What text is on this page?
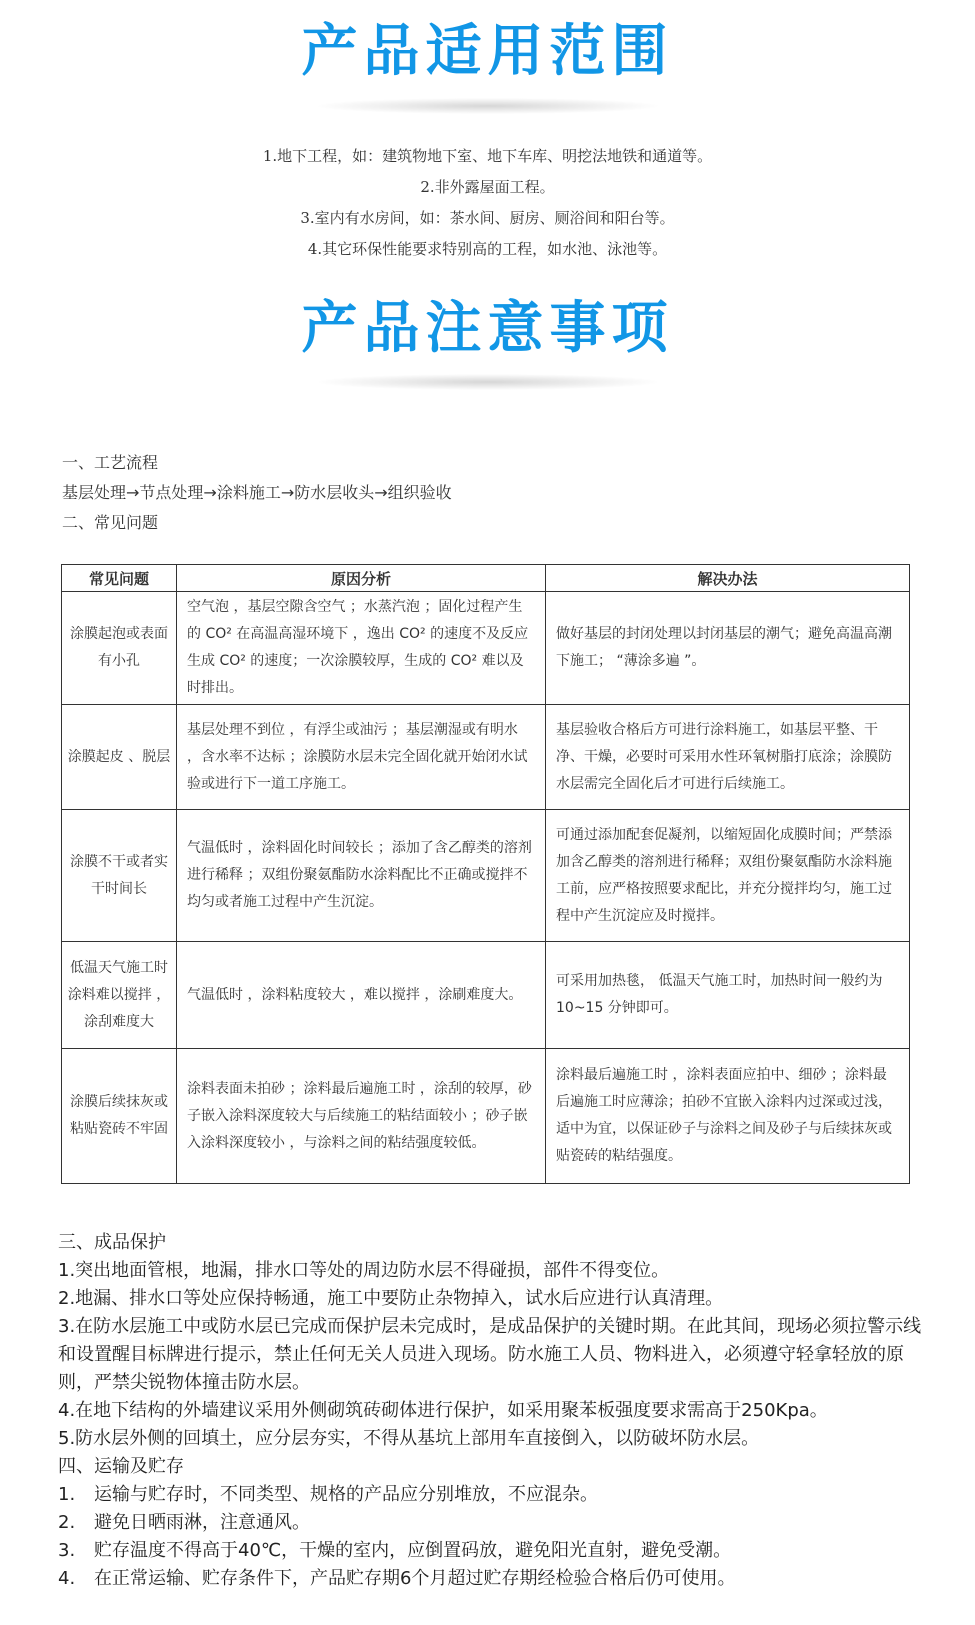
产品适用范围
1.地下工程，如：建筑物地下室、地下车库、明挖法地铁和通道等。
2.非外露屋面工程。
3.室内有水房间，如：茶水间、厨房、厕浴间和阳台等。
4.其它环保性能要求特别高的工程，如水池、泳池等。
产品注意事项
一、工艺流程
基层处理→节点处理→涂料施工→防水层收头→组织验收
二、常见问题
常见问题	原因分析	解决办法
涂膜起泡或表面有小孔	空气泡 ，基层空隙含空气 ；水蒸汽泡 ；固化过程产生的 CO² 在高温高湿环境下 ，逸出 CO² 的速度不及反应生成 CO² 的速度；一次涂膜较厚，生成的 CO² 难以及时排出。	做好基层的封闭处理以封闭基层的潮气；避免高温高潮下施工； “薄涂多遍 ”。
涂膜起皮 、脱层	基层处理不到位 ，有浮尘或油污 ；基层潮湿或有明水 ，含水率不达标 ；涂膜防水层未完全固化就开始闭水试验或进行下一道工序施工。	基层验收合格后方可进行涂料施工，如基层平整、干净、干燥，必要时可采用水性环氧树脂打底涂；涂膜防水层需完全固化后才可进行后续施工。
涂膜不干或者实干时间长	气温低时 ，涂料固化时间较长 ；添加了含乙醇类的溶剂进行稀释 ；双组份聚氨酯防水涂料配比不正确或搅拌不均匀或者施工过程中产生沉淀。	可通过添加配套促凝剂，以缩短固化成膜时间；严禁添加含乙醇类的溶剂进行稀释；双组份聚氨酯防水涂料施工前，应严格按照要求配比，并充分搅拌均匀，施工过程中产生沉淀应及时搅拌。
低温天气施工时涂料难以搅拌 ，涂刮难度大	气温低时 ，涂料粘度较大 ，难以搅拌 ，涂刷难度大。	可采用加热毯， 低温天气施工时，加热时间一般约为 10~15 分钟即可。
涂膜后续抹灰或粘贴瓷砖不牢固	涂料表面未拍砂 ；涂料最后遍施工时 ，涂刮的较厚，砂子嵌入涂料深度较大与后续施工的粘结面较小 ；砂子嵌入涂料深度较小 ，与涂料之间的粘结强度较低。	涂料最后遍施工时 ，涂料表面应拍中、细砂 ；涂料最后遍施工时应薄涂；拍砂不宜嵌入涂料内过深或过浅，适中为宜，以保证砂子与涂料之间及砂子与后续抹灰或贴瓷砖的粘结强度。
三、成品保护
1.突出地面管根，地漏，排水口等处的周边防水层不得碰损，部件不得变位。
2.地漏、排水口等处应保持畅通，施工中要防止杂物掉入，试水后应进行认真清理。
3.在防水层施工中或防水层已完成而保护层未完成时，是成品保护的关键时期。在此其间，现场必须拉警示线和设置醒目标牌进行提示，禁止任何无关人员进入现场。防水施工人员、物料进入，必须遵守轻拿轻放的原则，严禁尖锐物体撞击防水层。
4.在地下结构的外墙建议采用外侧砌筑砖砌体进行保护，如采用聚苯板强度要求需高于250Kpa。
5.防水层外侧的回填土，应分层夯实，不得从基坑上部用车直接倒入，以防破坏防水层。
四、运输及贮存
1. 运输与贮存时，不同类型、规格的产品应分别堆放，不应混杂。
2. 避免日晒雨淋，注意通风。
3. 贮存温度不得高于40℃，干燥的室内，应倒置码放，避免阳光直射，避免受潮。
4. 在正常运输、贮存条件下，产品贮存期6个月超过贮存期经检验合格后仍可使用。
